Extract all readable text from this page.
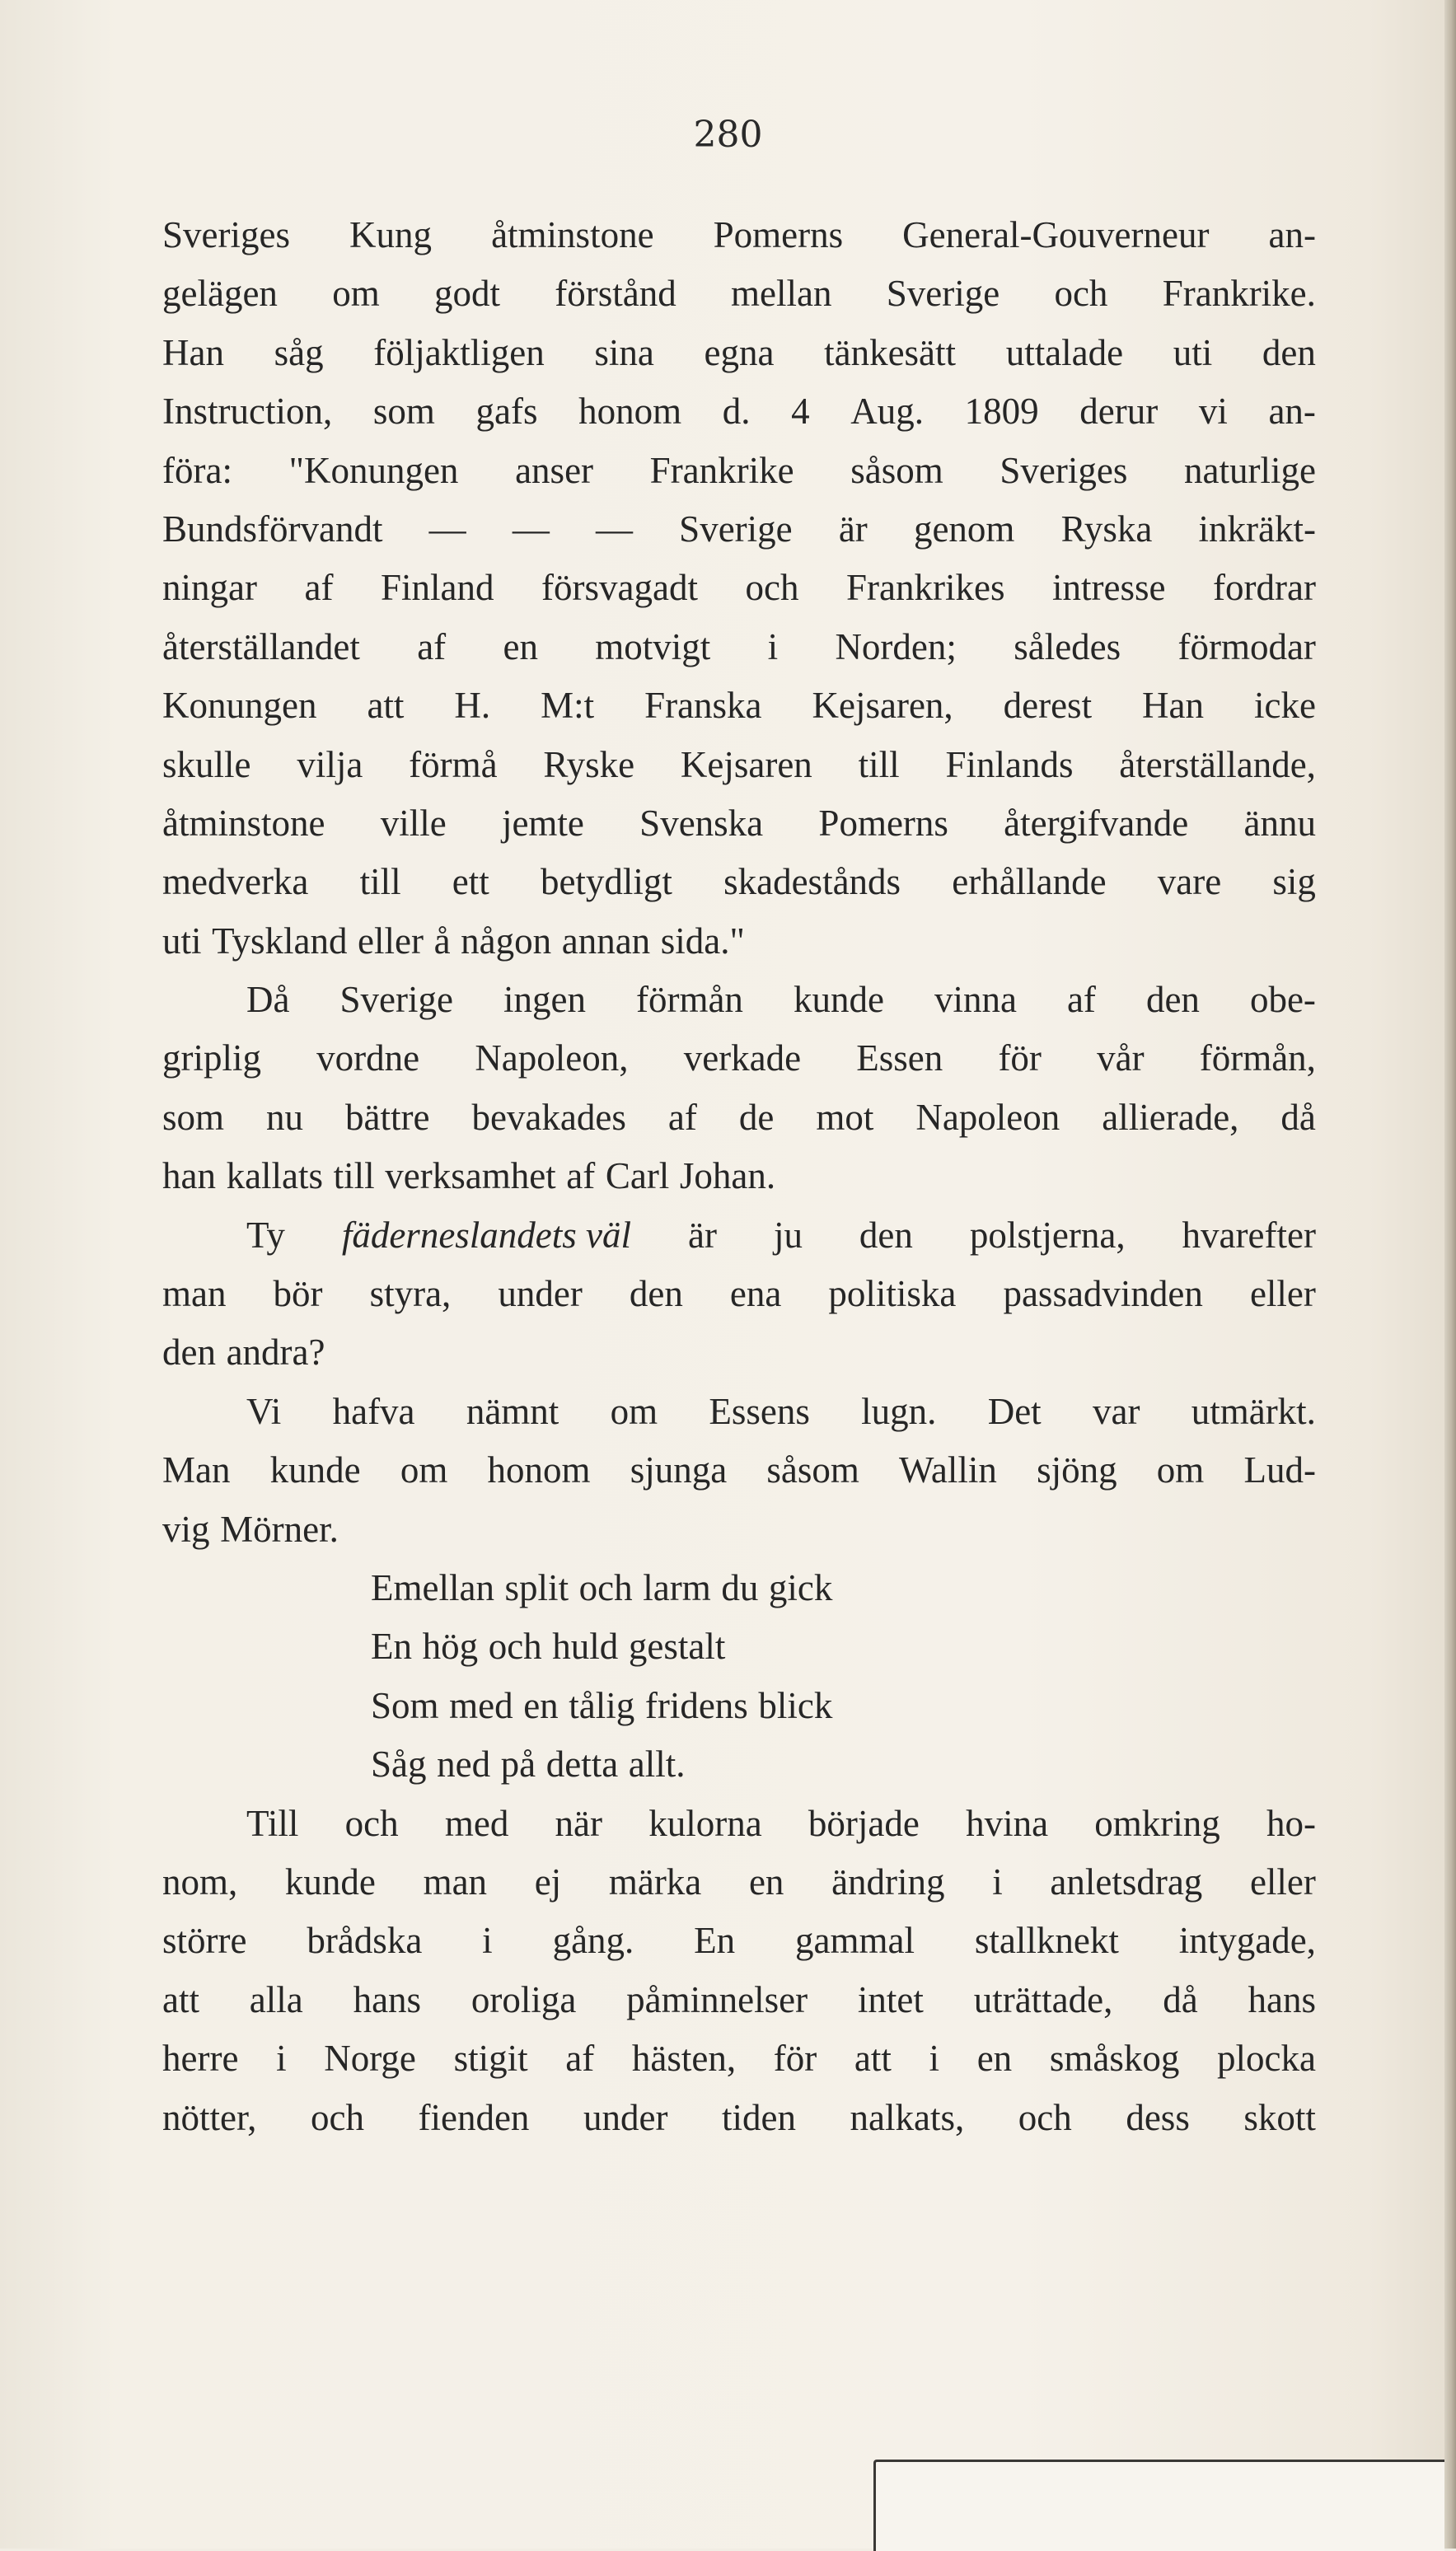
280

Sveriges Kung åtminstone Pomerns General-Gouverneur an-

gelägen om godt förstånd mellan Sverige och Frankrike.

Han såg följaktligen sina egna tänkesätt uttalade uti den

Instruction, som gafs honom d. 4 Aug. 1809 derur vi an-

föra: "Konungen anser Frankrike såsom Sveriges naturlige

Bundsförvandt — — — Sverige är genom Ryska inkräkt-

ningar af Finland försvagadt och Frankrikes intresse fordrar

återställandet af en motvigt i Norden; således förmodar

Konungen att H. M:t Franska Kejsaren, derest Han icke

skulle vilja förmå Ryske Kejsaren till Finlands återställande,

åtminstone ville jemte Svenska Pomerns återgifvande ännu

medverka till ett betydligt skadestånds erhållande vare sig

uti Tyskland eller å någon annan sida."

Då Sverige ingen förmån kunde vinna af den obe-

griplig vordne Napoleon, verkade Essen för vår förmån,

som nu bättre bevakades af de mot Napoleon allierade, då

han kallats till verksamhet af Carl Johan.

Ty fäderneslandets väl är ju den polstjerna, hvarefter

man bör styra, under den ena politiska passadvinden eller

den andra?

Vi hafva nämnt om Essens lugn. Det var utmärkt.

Man kunde om honom sjunga såsom Wallin sjöng om Lud-

vig Mörner.

Emellan split och larm du gick

En hög och huld gestalt

Som med en tålig fridens blick

Såg ned på detta allt.

Till och med när kulorna började hvina omkring ho-

nom, kunde man ej märka en ändring i anletsdrag eller

större brådska i gång. En gammal stallknekt intygade,

att alla hans oroliga påminnelser intet uträttade, då hans

herre i Norge stigit af hästen, för att i en småskog plocka

nötter, och fienden under tiden nalkats, och dess skott
